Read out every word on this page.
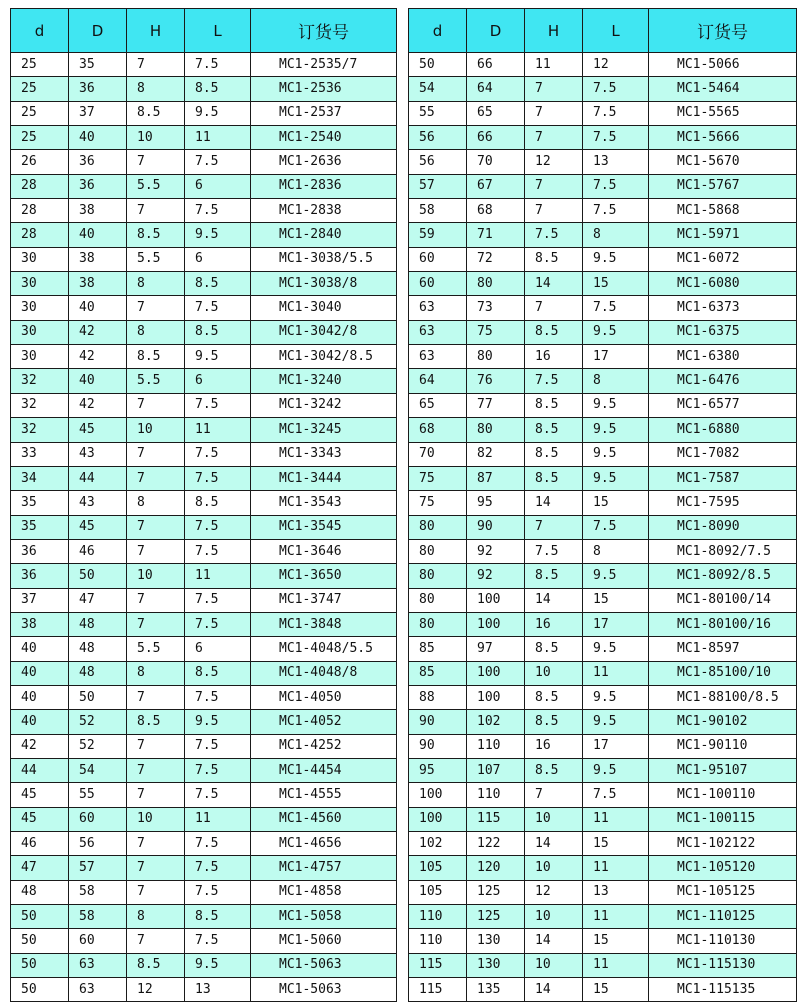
d	D	H	L	订货号
25	35	7	7.5	MC1-2535/7
25	36	8	8.5	MC1-2536
25	37	8.5	9.5	MC1-2537
25	40	10	11	MC1-2540
26	36	7	7.5	MC1-2636
28	36	5.5	6	MC1-2836
28	38	7	7.5	MC1-2838
28	40	8.5	9.5	MC1-2840
30	38	5.5	6	MC1-3038/5.5
30	38	8	8.5	MC1-3038/8
30	40	7	7.5	MC1-3040
30	42	8	8.5	MC1-3042/8
30	42	8.5	9.5	MC1-3042/8.5
32	40	5.5	6	MC1-3240
32	42	7	7.5	MC1-3242
32	45	10	11	MC1-3245
33	43	7	7.5	MC1-3343
34	44	7	7.5	MC1-3444
35	43	8	8.5	MC1-3543
35	45	7	7.5	MC1-3545
36	46	7	7.5	MC1-3646
36	50	10	11	MC1-3650
37	47	7	7.5	MC1-3747
38	48	7	7.5	MC1-3848
40	48	5.5	6	MC1-4048/5.5
40	48	8	8.5	MC1-4048/8
40	50	7	7.5	MC1-4050
40	52	8.5	9.5	MC1-4052
42	52	7	7.5	MC1-4252
44	54	7	7.5	MC1-4454
45	55	7	7.5	MC1-4555
45	60	10	11	MC1-4560
46	56	7	7.5	MC1-4656
47	57	7	7.5	MC1-4757
48	58	7	7.5	MC1-4858
50	58	8	8.5	MC1-5058
50	60	7	7.5	MC1-5060
50	63	8.5	9.5	MC1-5063
50	63	12	13	MC1-5063
d	D	H	L	订货号
50	66	11	12	MC1-5066
54	64	7	7.5	MC1-5464
55	65	7	7.5	MC1-5565
56	66	7	7.5	MC1-5666
56	70	12	13	MC1-5670
57	67	7	7.5	MC1-5767
58	68	7	7.5	MC1-5868
59	71	7.5	8	MC1-5971
60	72	8.5	9.5	MC1-6072
60	80	14	15	MC1-6080
63	73	7	7.5	MC1-6373
63	75	8.5	9.5	MC1-6375
63	80	16	17	MC1-6380
64	76	7.5	8	MC1-6476
65	77	8.5	9.5	MC1-6577
68	80	8.5	9.5	MC1-6880
70	82	8.5	9.5	MC1-7082
75	87	8.5	9.5	MC1-7587
75	95	14	15	MC1-7595
80	90	7	7.5	MC1-8090
80	92	7.5	8	MC1-8092/7.5
80	92	8.5	9.5	MC1-8092/8.5
80	100	14	15	MC1-80100/14
80	100	16	17	MC1-80100/16
85	97	8.5	9.5	MC1-8597
85	100	10	11	MC1-85100/10
88	100	8.5	9.5	MC1-88100/8.5
90	102	8.5	9.5	MC1-90102
90	110	16	17	MC1-90110
95	107	8.5	9.5	MC1-95107
100	110	7	7.5	MC1-100110
100	115	10	11	MC1-100115
102	122	14	15	MC1-102122
105	120	10	11	MC1-105120
105	125	12	13	MC1-105125
110	125	10	11	MC1-110125
110	130	14	15	MC1-110130
115	130	10	11	MC1-115130
115	135	14	15	MC1-115135
